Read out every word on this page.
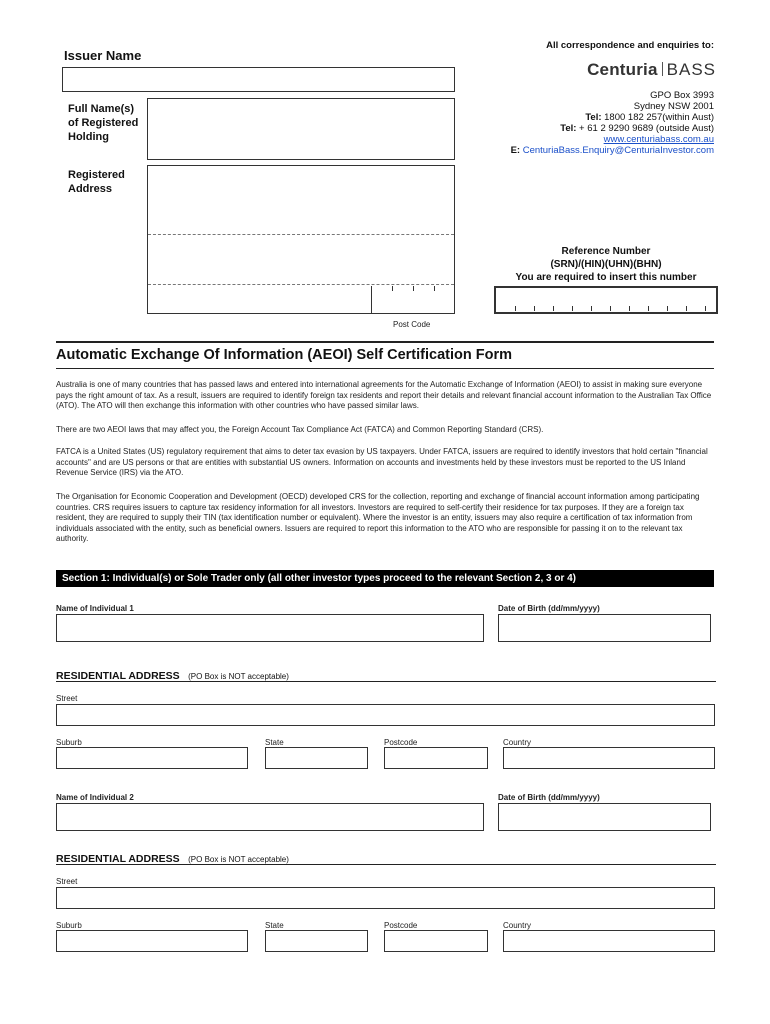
Issuer Name
Full Name(s)
of Registered
Holding
Registered
Address
Post Code
All correspondence and enquiries to:
Centuria BASS
GPO Box 3993
Sydney NSW 2001
Tel: 1800 182 257(within Aust)
Tel: + 61 2 9290 9689 (outside Aust)
www.centuriabass.com.au
E: CenturiaBass.Enquiry@CenturiaInvestor.com
Reference Number
(SRN)/(HIN)(UHN)(BHN)
You are required to insert this number
Automatic Exchange Of Information (AEOI) Self Certification Form

Australia is one of many countries that has passed laws and entered into international agreements for the Automatic Exchange of Information (AEOI) to assist in making sure everyone pays the right amount of tax. As a result, issuers are required to identify foreign tax residents and report their details and relevant financial account information to the Australian Tax Office (ATO). The ATO will then exchange this information with other countries who have passed similar laws.

There are two AEOI laws that may affect you, the Foreign Account Tax Compliance Act (FATCA) and Common Reporting Standard (CRS).

FATCA is a United States (US) regulatory requirement that aims to deter tax evasion by US taxpayers. Under FATCA, issuers are required to identify investors that hold certain "financial accounts" and are US persons or that are entities with substantial US owners. Information on accounts and investments held by these investors must be reported to the US Inland Revenue Service (IRS) via the ATO.

The Organisation for Economic Cooperation and Development (OECD) developed CRS for the collection, reporting and exchange of financial account information among participating countries. CRS requires issuers to capture tax residency information for all investors. Investors are required to self-certify their residence for tax purposes. If they are a foreign tax resident, they are required to supply their TIN (tax identification number or equivalent). Where the investor is an entity, issuers may also require a certification of tax information from individuals associated with the entity, such as beneficial owners. Issuers are required to report this information to the ATO who are responsible for passing it on to the relevant tax authority.

Section 1: Individual(s) or Sole Trader only (all other investor types proceed to the relevant Section 2, 3 or 4)
Name of Individual 1	Date of Birth (dd/mm/yyyy)
RESIDENTIAL ADDRESS (PO Box is NOT acceptable)
Street
Suburb	State	Postcode	Country
Name of Individual 2	Date of Birth (dd/mm/yyyy)
RESIDENTIAL ADDRESS (PO Box is NOT acceptable)
Street
Suburb	State	Postcode	Country
